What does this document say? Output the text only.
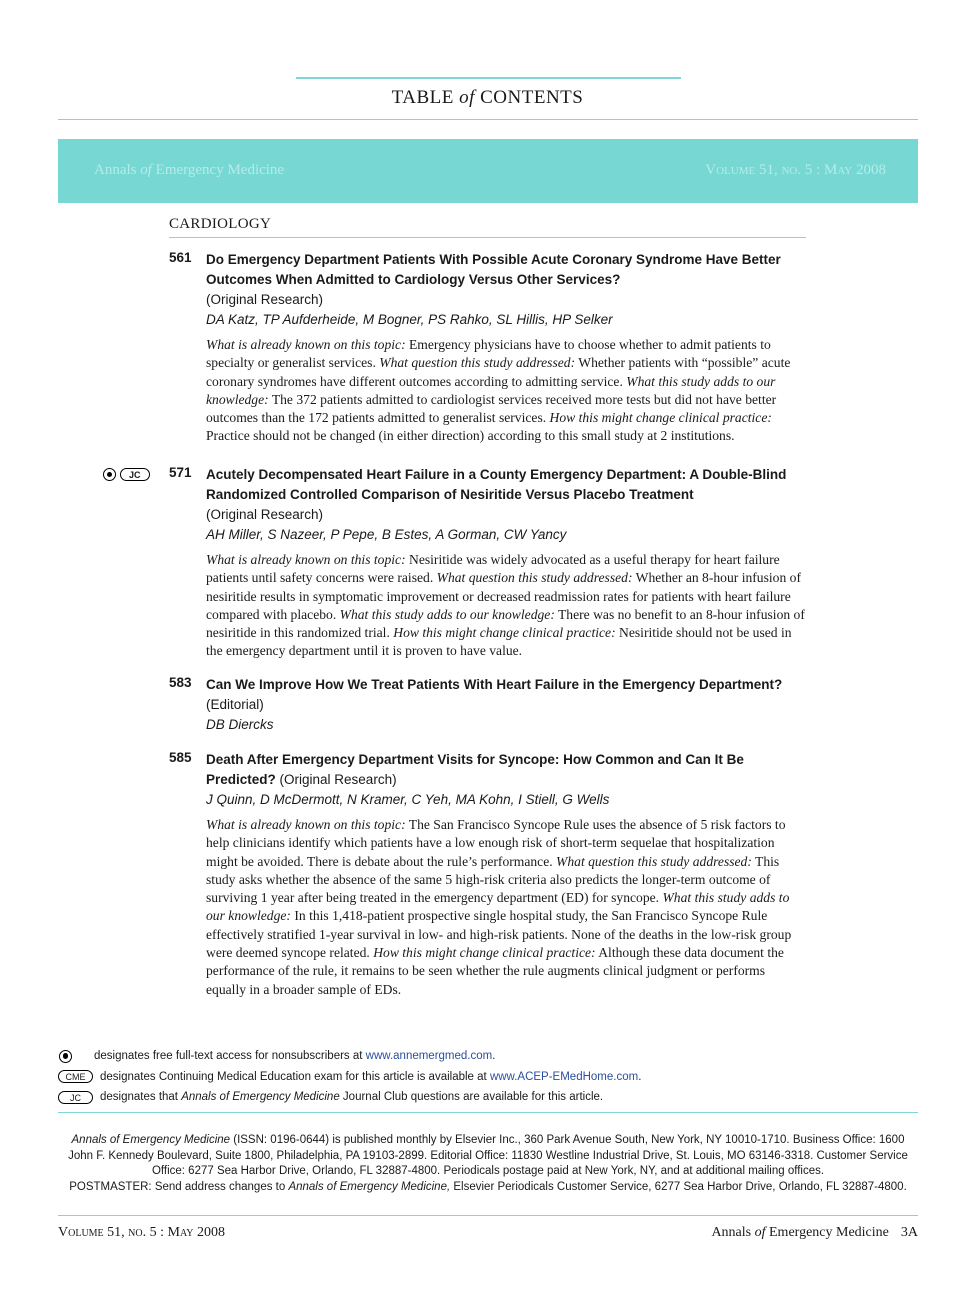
TABLE of CONTENTS
Annals of Emergency Medicine	Volume 51, no. 5 : May 2008
CARDIOLOGY
561 Do Emergency Department Patients With Possible Acute Coronary Syndrome Have Better Outcomes When Admitted to Cardiology Versus Other Services?
(Original Research)
DA Katz, TP Aufderheide, M Bogner, PS Rahko, SL Hillis, HP Selker
What is already known on this topic: Emergency physicians have to choose whether to admit patients to specialty or generalist services. What question this study addressed: Whether patients with “possible” acute coronary syndromes have different outcomes according to admitting service. What this study adds to our knowledge: The 372 patients admitted to cardiologist services received more tests but did not have better outcomes than the 172 patients admitted to generalist services. How this might change clinical practice: Practice should not be changed (in either direction) according to this small study at 2 institutions.
JC	571 Acutely Decompensated Heart Failure in a County Emergency Department: A Double-Blind Randomized Controlled Comparison of Nesiritide Versus Placebo Treatment
(Original Research)
AH Miller, S Nazeer, P Pepe, B Estes, A Gorman, CW Yancy
What is already known on this topic: Nesiritide was widely advocated as a useful therapy for heart failure patients until safety concerns were raised. What question this study addressed: Whether an 8-hour infusion of nesiritide results in symptomatic improvement or decreased readmission rates for patients with heart failure compared with placebo. What this study adds to our knowledge: There was no benefit to an 8-hour infusion of nesiritide in this randomized trial. How this might change clinical practice: Nesiritide should not be used in the emergency department until it is proven to have value.
583 Can We Improve How We Treat Patients With Heart Failure in the Emergency Department? (Editorial)
DB Diercks
585 Death After Emergency Department Visits for Syncope: How Common and Can It Be Predicted? (Original Research)
J Quinn, D McDermott, N Kramer, C Yeh, MA Kohn, I Stiell, G Wells
What is already known on this topic: The San Francisco Syncope Rule uses the absence of 5 risk factors to help clinicians identify which patients have a low enough risk of short-term sequelae that hospitalization might be avoided. There is debate about the rule’s performance. What question this study addressed: This study asks whether the absence of the same 5 high-risk criteria also predicts the longer-term outcome of surviving 1 year after being treated in the emergency department (ED) for syncope. What this study adds to our knowledge: In this 1,418-patient prospective single hospital study, the San Francisco Syncope Rule effectively stratified 1-year survival in low- and high-risk patients. None of the deaths in the low-risk group were deemed syncope related. How this might change clinical practice: Although these data document the performance of the rule, it remains to be seen whether the rule augments clinical judgment or performs equally in a broader sample of EDs.
designates free full-text access for nonsubscribers at www.annemergmed.com.
CME	designates Continuing Medical Education exam for this article is available at www.ACEP-EMedHome.com.
JC	designates that Annals of Emergency Medicine Journal Club questions are available for this article.
Annals of Emergency Medicine (ISSN: 0196-0644) is published monthly by Elsevier Inc., 360 Park Avenue South, New York, NY 10010-1710. Business Office: 1600 John F. Kennedy Boulevard, Suite 1800, Philadelphia, PA 19103-2899. Editorial Office: 11830 Westline Industrial Drive, St. Louis, MO 63146-3318. Customer Service Office: 6277 Sea Harbor Drive, Orlando, FL 32887-4800. Periodicals postage paid at New York, NY, and at additional mailing offices.
POSTMASTER: Send address changes to Annals of Emergency Medicine, Elsevier Periodicals Customer Service, 6277 Sea Harbor Drive, Orlando, FL 32887-4800.
Volume 51, no. 5 : May 2008	Annals of Emergency Medicine 3A
